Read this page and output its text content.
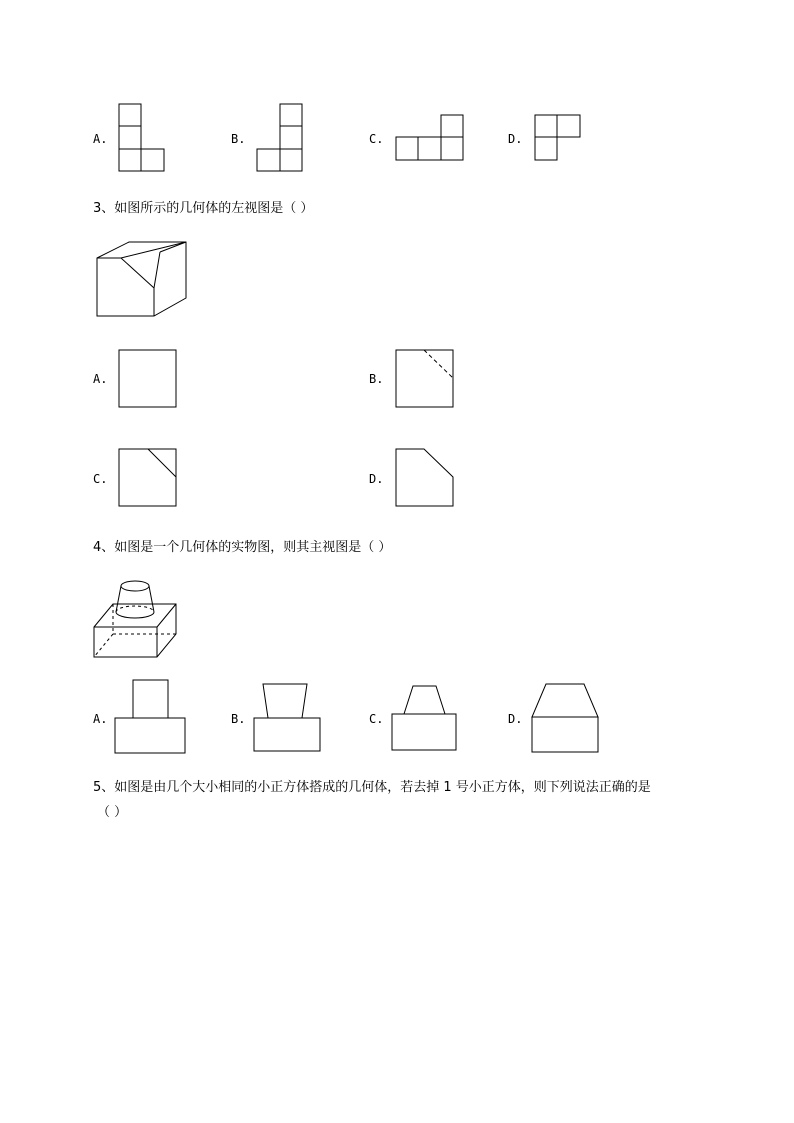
A.	B.	C.	D.
3、如图所示的几何体的左视图是（ ）
A.	B.
C.	D.
4、如图是一个几何体的实物图，则其主视图是（ ）
A.	B.	C.	D.
5、如图是由几个大小相同的小正方体搭成的几何体，若去掉 1 号小正方体，则下列说法正确的是
（ ）
